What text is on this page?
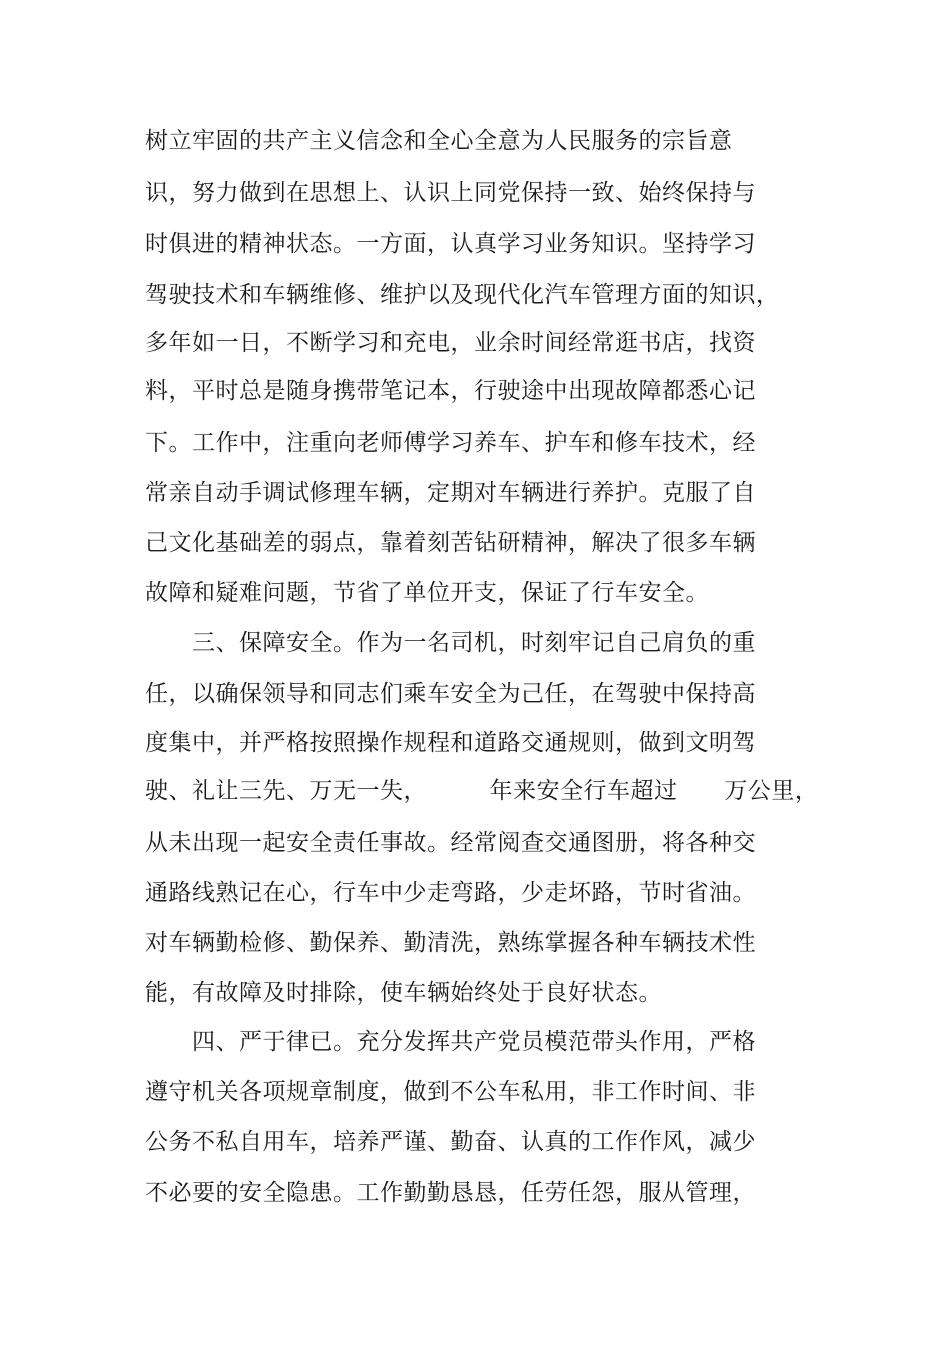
树立牢固的共产主义信念和全心全意为人民服务的宗旨意

识，努力做到在思想上、认识上同党保持一致、始终保持与

时俱进的精神状态。一方面，认真学习业务知识。坚持学习

驾驶技术和车辆维修、维护以及现代化汽车管理方面的知识，

多年如一日，不断学习和充电，业余时间经常逛书店，找资

料，平时总是随身携带笔记本，行驶途中出现故障都悉心记

下。工作中，注重向老师傅学习养车、护车和修车技术，经

常亲自动手调试修理车辆，定期对车辆进行养护。克服了自

己文化基础差的弱点，靠着刻苦钻研精神，解决了很多车辆

故障和疑难问题，节省了单位开支，保证了行车安全。

三、保障安全。作为一名司机，时刻牢记自己肩负的重

任，以确保领导和同志们乘车安全为己任，在驾驶中保持高

度集中，并严格按照操作规程和道路交通规则，做到文明驾

驶、礼让三先、万无一失，        年来安全行车超过      万公里，

从未出现一起安全责任事故。经常阅查交通图册，将各种交

通路线熟记在心，行车中少走弯路，少走坏路，节时省油。

对车辆勤检修、勤保养、勤清洗，熟练掌握各种车辆技术性

能，有故障及时排除，使车辆始终处于良好状态。

四、严于律已。充分发挥共产党员模范带头作用，严格

遵守机关各项规章制度，做到不公车私用，非工作时间、非

公务不私自用车，培养严谨、勤奋、认真的工作作风，减少

不必要的安全隐患。工作勤勤恳恳，任劳任怨，服从管理，
